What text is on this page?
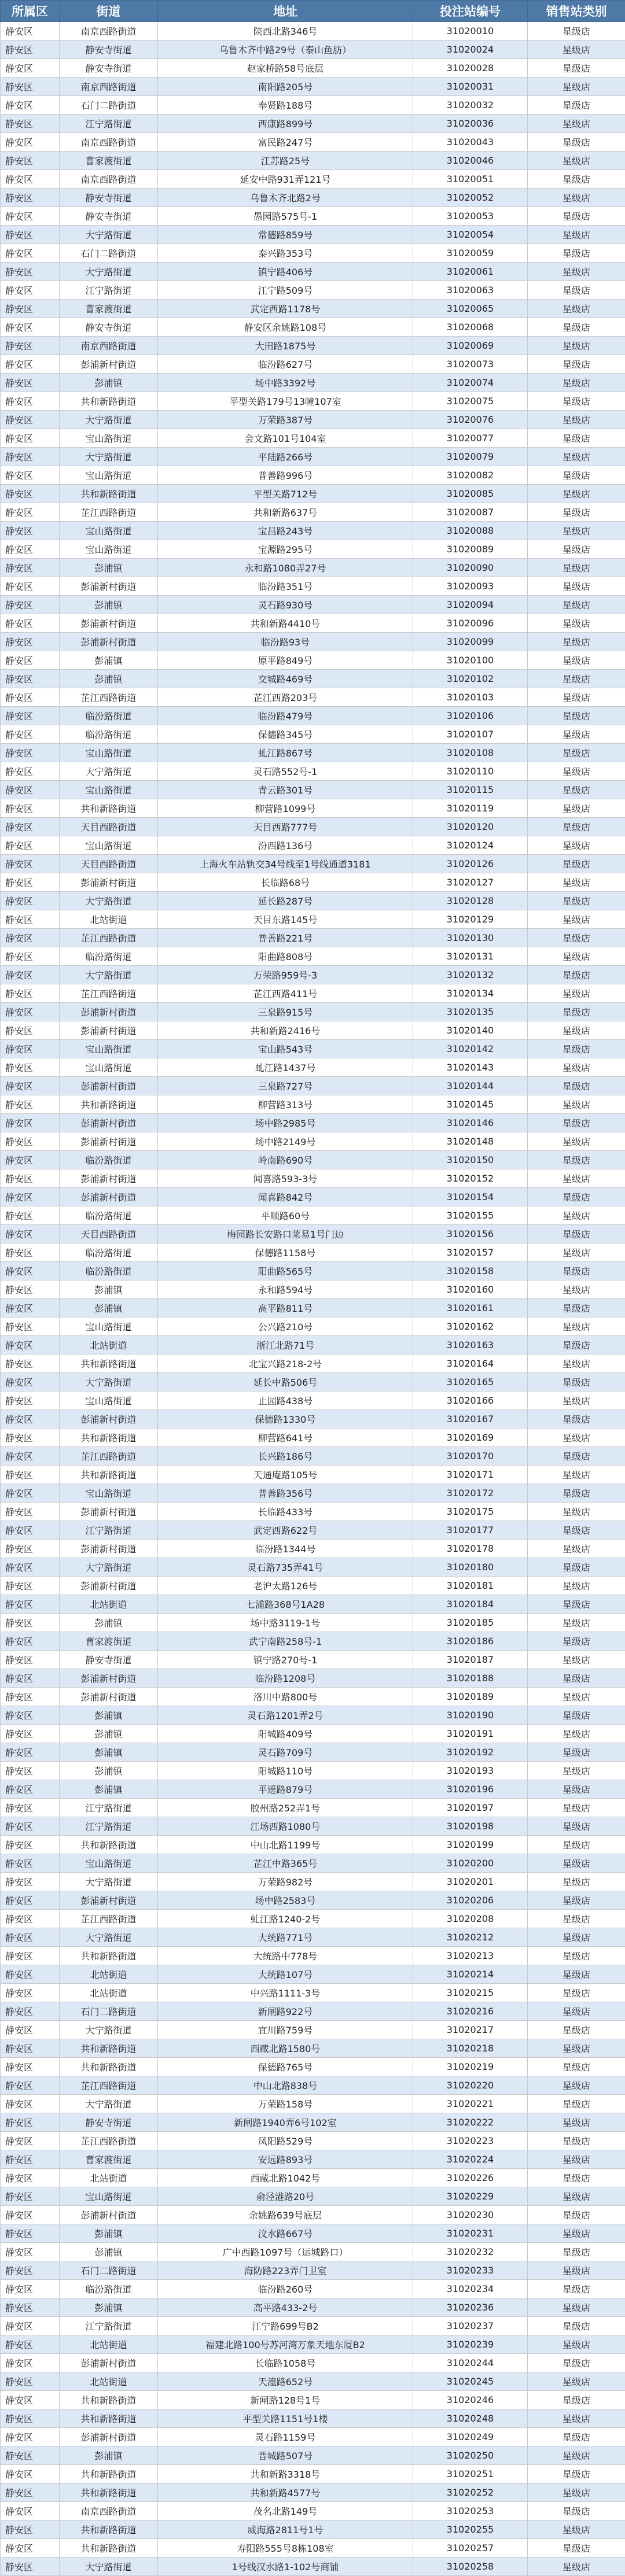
所属区	街道	地址	投注站编号	销售站类别
静安区	南京西路街道	陕西北路346号	31020010	星级店
静安区	静安寺街道	乌鲁木齐中路29号（泰山鱼肪）	31020024	星级店
静安区	静安寺街道	赵家桥路58号底层	31020028	星级店
静安区	南京西路街道	南阳路205号	31020031	星级店
静安区	石门二路街道	奉贤路188号	31020032	星级店
静安区	江宁路街道	西康路899号	31020036	星级店
静安区	南京西路街道	富民路247号	31020043	星级店
静安区	曹家渡街道	江苏路25号	31020046	星级店
静安区	南京西路街道	延安中路931弄121号	31020051	星级店
静安区	静安寺街道	乌鲁木齐北路2号	31020052	星级店
静安区	静安寺街道	愚园路575号-1	31020053	星级店
静安区	大宁路街道	常德路859号	31020054	星级店
静安区	石门二路街道	泰兴路353号	31020059	星级店
静安区	大宁路街道	镇宁路406号	31020061	星级店
静安区	江宁路街道	江宁路509号	31020063	星级店
静安区	曹家渡街道	武定西路1178号	31020065	星级店
静安区	静安寺街道	静安区余姚路108号	31020068	星级店
静安区	南京西路街道	大田路1875号	31020069	星级店
静安区	彭浦新村街道	临汾路627号	31020073	星级店
静安区	彭浦镇	场中路3392号	31020074	星级店
静安区	共和新路街道	平型关路179号13幢107室	31020075	星级店
静安区	大宁路街道	万荣路387号	31020076	星级店
静安区	宝山路街道	会文路101号104室	31020077	星级店
静安区	大宁路街道	平陆路266号	31020079	星级店
静安区	宝山路街道	普善路996号	31020082	星级店
静安区	共和新路街道	平型关路712号	31020085	星级店
静安区	芷江西路街道	共和新路637号	31020087	星级店
静安区	宝山路街道	宝昌路243号	31020088	星级店
静安区	宝山路街道	宝源路295号	31020089	星级店
静安区	彭浦镇	永和路1080弄27号	31020090	星级店
静安区	彭浦新村街道	临汾路351号	31020093	星级店
静安区	彭浦镇	灵石路930号	31020094	星级店
静安区	彭浦新村街道	共和新路4410号	31020096	星级店
静安区	彭浦新村街道	临汾路93号	31020099	星级店
静安区	彭浦镇	原平路849号	31020100	星级店
静安区	彭浦镇	交城路469号	31020102	星级店
静安区	芷江西路街道	芷江西路203号	31020103	星级店
静安区	临汾路街道	临汾路479号	31020106	星级店
静安区	临汾路街道	保德路345号	31020107	星级店
静安区	宝山路街道	虬江路867号	31020108	星级店
静安区	大宁路街道	灵石路552号-1	31020110	星级店
静安区	宝山路街道	青云路301号	31020115	星级店
静安区	共和新路街道	柳营路1099号	31020119	星级店
静安区	天目西路街道	天目西路777号	31020120	星级店
静安区	宝山路街道	汾西路136号	31020124	星级店
静安区	天目西路街道	上海火车站轨交34号线至1号线通道3181	31020126	星级店
静安区	彭浦新村街道	长临路68号	31020127	星级店
静安区	大宁路街道	延长路287号	31020128	星级店
静安区	北站街道	天目东路145号	31020129	星级店
静安区	芷江西路街道	普善路221号	31020130	星级店
静安区	临汾路街道	阳曲路808号	31020131	星级店
静安区	大宁路街道	万荣路959号-3	31020132	星级店
静安区	芷江西路街道	芷江西路411号	31020134	星级店
静安区	彭浦新村街道	三泉路915号	31020135	星级店
静安区	彭浦新村街道	共和新路2416号	31020140	星级店
静安区	宝山路街道	宝山路543号	31020142	星级店
静安区	宝山路街道	虬江路1437号	31020143	星级店
静安区	彭浦新村街道	三泉路727号	31020144	星级店
静安区	共和新路街道	柳营路313号	31020145	星级店
静安区	彭浦新村街道	场中路2985号	31020146	星级店
静安区	彭浦新村街道	场中路2149号	31020148	星级店
静安区	临汾路街道	岭南路690号	31020150	星级店
静安区	彭浦新村街道	闻喜路593-3号	31020152	星级店
静安区	彭浦新村街道	闻喜路842号	31020154	星级店
静安区	临汾路街道	平顺路60号	31020155	星级店
静安区	天目西路街道	梅园路长安路口莱易1号门边	31020156	星级店
静安区	临汾路街道	保德路1158号	31020157	星级店
静安区	临汾路街道	阳曲路565号	31020158	星级店
静安区	彭浦镇	永和路594号	31020160	星级店
静安区	彭浦镇	高平路811号	31020161	星级店
静安区	宝山路街道	公兴路210号	31020162	星级店
静安区	北站街道	浙江北路71号	31020163	星级店
静安区	共和新路街道	北宝兴路218-2号	31020164	星级店
静安区	大宁路街道	延长中路506号	31020165	星级店
静安区	宝山路街道	止园路438号	31020166	星级店
静安区	彭浦新村街道	保德路1330号	31020167	星级店
静安区	共和新路街道	柳营路641号	31020169	星级店
静安区	芷江西路街道	长兴路186号	31020170	星级店
静安区	共和新路街道	天通庵路105号	31020171	星级店
静安区	宝山路街道	普善路356号	31020172	星级店
静安区	彭浦新村街道	长临路433号	31020175	星级店
静安区	江宁路街道	武定西路622号	31020177	星级店
静安区	彭浦新村街道	临汾路1344号	31020178	星级店
静安区	大宁路街道	灵石路735弄41号	31020180	星级店
静安区	彭浦新村街道	老沪太路126号	31020181	星级店
静安区	北站街道	七浦路368号1A28	31020184	星级店
静安区	彭浦镇	场中路3119-1号	31020185	星级店
静安区	曹家渡街道	武宁南路258号-1	31020186	星级店
静安区	静安寺街道	镇宁路270号-1	31020187	星级店
静安区	彭浦新村街道	临汾路1208号	31020188	星级店
静安区	彭浦新村街道	洛川中路800号	31020189	星级店
静安区	彭浦镇	灵石路1201弄2号	31020190	星级店
静安区	彭浦镇	阳城路409号	31020191	星级店
静安区	彭浦镇	灵石路709号	31020192	星级店
静安区	彭浦镇	阳城路110号	31020193	星级店
静安区	彭浦镇	平遥路879号	31020196	星级店
静安区	江宁路街道	胶州路252弄1号	31020197	星级店
静安区	江宁路街道	江场西路1080号	31020198	星级店
静安区	共和新路街道	中山北路1199号	31020199	星级店
静安区	宝山路街道	芷江中路365号	31020200	星级店
静安区	大宁路街道	万荣路982号	31020201	星级店
静安区	彭浦新村街道	场中路2583号	31020206	星级店
静安区	芷江西路街道	虬江路1240-2号	31020208	星级店
静安区	大宁路街道	大统路771号	31020212	星级店
静安区	共和新路街道	大统路中778号	31020213	星级店
静安区	北站街道	大统路107号	31020214	星级店
静安区	北站街道	中兴路1111-3号	31020215	星级店
静安区	石门二路街道	新闸路922号	31020216	星级店
静安区	大宁路街道	宜川路759号	31020217	星级店
静安区	共和新路街道	西藏北路1580号	31020218	星级店
静安区	共和新路街道	保德路765号	31020219	星级店
静安区	芷江西路街道	中山北路838号	31020220	星级店
静安区	大宁路街道	万荣路158号	31020221	星级店
静安区	静安寺街道	新闸路1940弄6号102室	31020222	星级店
静安区	芷江西路街道	凤阳路529号	31020223	星级店
静安区	曹家渡街道	安远路893号	31020224	星级店
静安区	北站街道	西藏北路1042号	31020226	星级店
静安区	宝山路街道	俞泾港路20号	31020229	星级店
静安区	彭浦新村街道	余姚路639号底层	31020230	星级店
静安区	彭浦镇	汶水路667号	31020231	星级店
静安区	彭浦镇	广中西路1097号（运城路口）	31020232	星级店
静安区	石门二路街道	海防路223弄门卫室	31020233	星级店
静安区	临汾路街道	临汾路260号	31020234	星级店
静安区	彭浦镇	高平路433-2号	31020236	星级店
静安区	江宁路街道	江宁路699号B2	31020237	星级店
静安区	北站街道	福建北路100号苏河湾万象天地东厦B2	31020239	星级店
静安区	彭浦新村街道	长临路1058号	31020244	星级店
静安区	北站街道	天潼路652号	31020245	星级店
静安区	共和新路街道	新闸路128号1号	31020246	星级店
静安区	共和新路街道	平型关路1151号1楼	31020248	星级店
静安区	彭浦新村街道	灵石路1159号	31020249	星级店
静安区	彭浦镇	晋城路507号	31020250	星级店
静安区	共和新路街道	共和新路3318号	31020251	星级店
静安区	共和新路街道	共和新路4577号	31020252	星级店
静安区	南京西路街道	茂名北路149号	31020253	星级店
静安区	共和新路街道	威海路2811号1号	31020255	星级店
静安区	共和新路街道	寿阳路555号8栋108室	31020257	星级店
静安区	大宁路街道	1号线汉水路1-102号商铺	31020258	星级店
